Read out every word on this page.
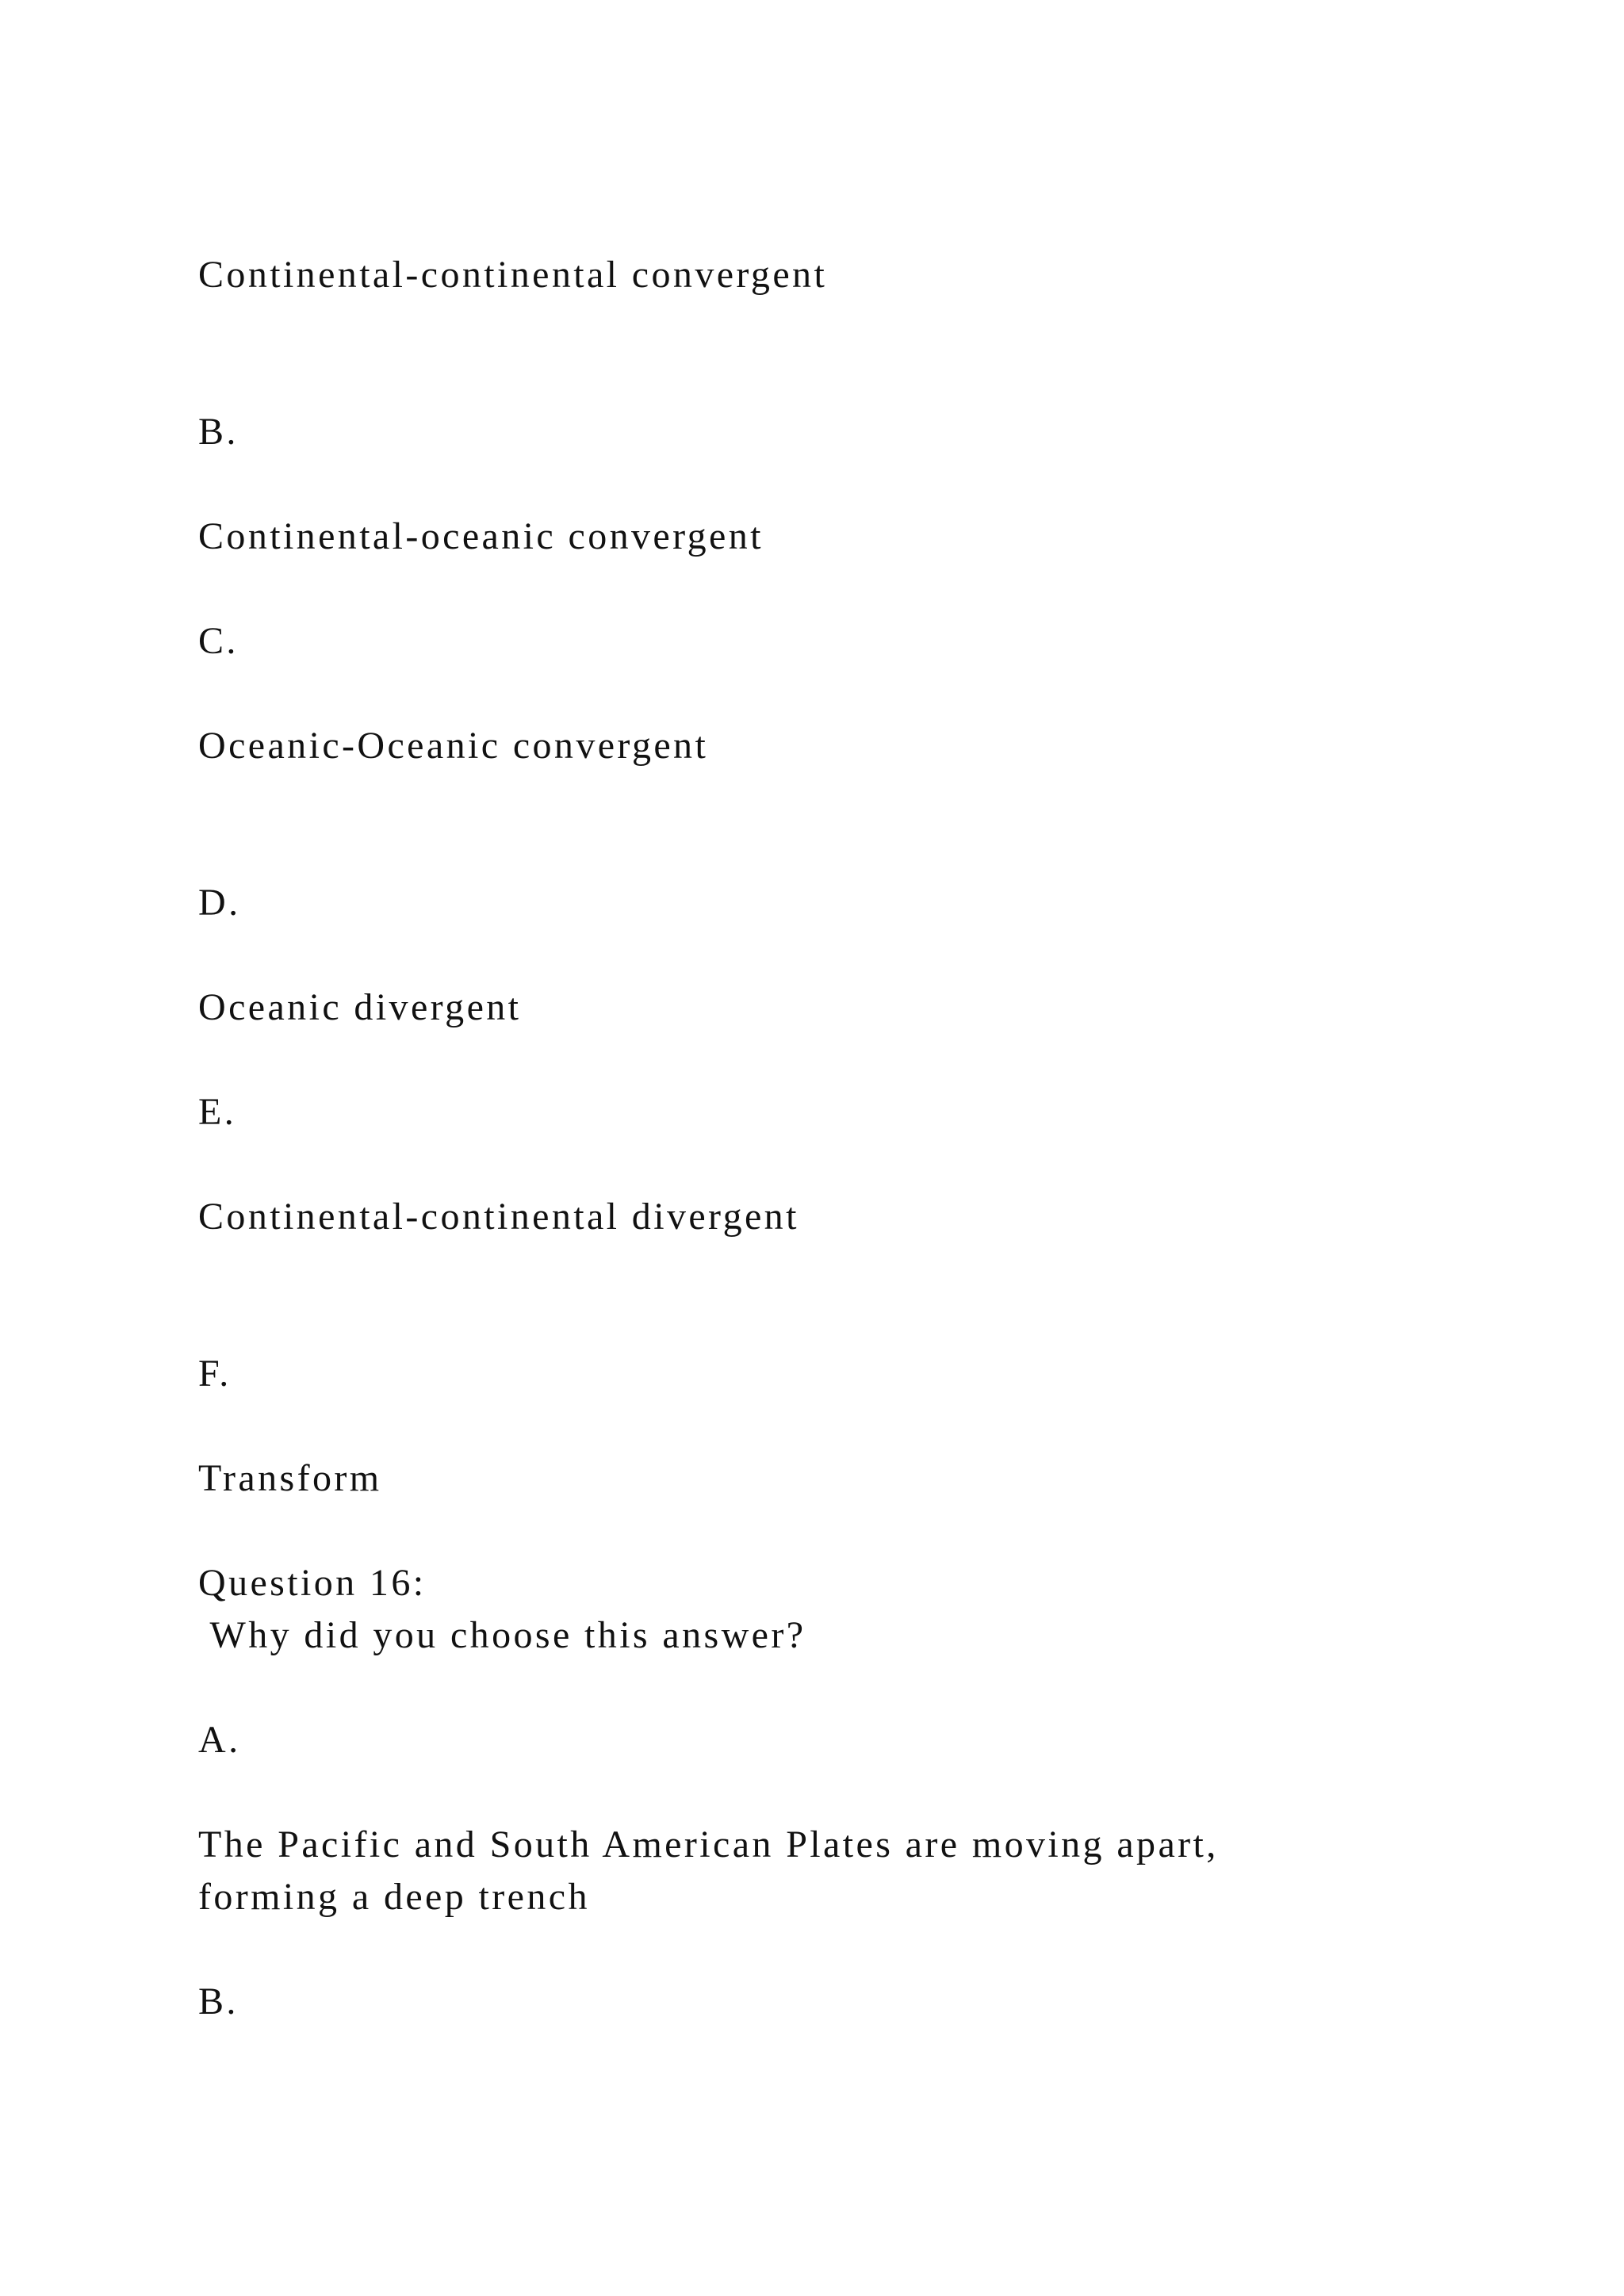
Continental-continental convergent

B.

Continental-oceanic convergent

C.

Oceanic-Oceanic convergent

D.

Oceanic divergent

E.

Continental-continental divergent

F.

Transform

Question 16:

Why did you choose this answer?

A.

The Pacific and South American Plates are moving apart,

forming a deep trench

B.
